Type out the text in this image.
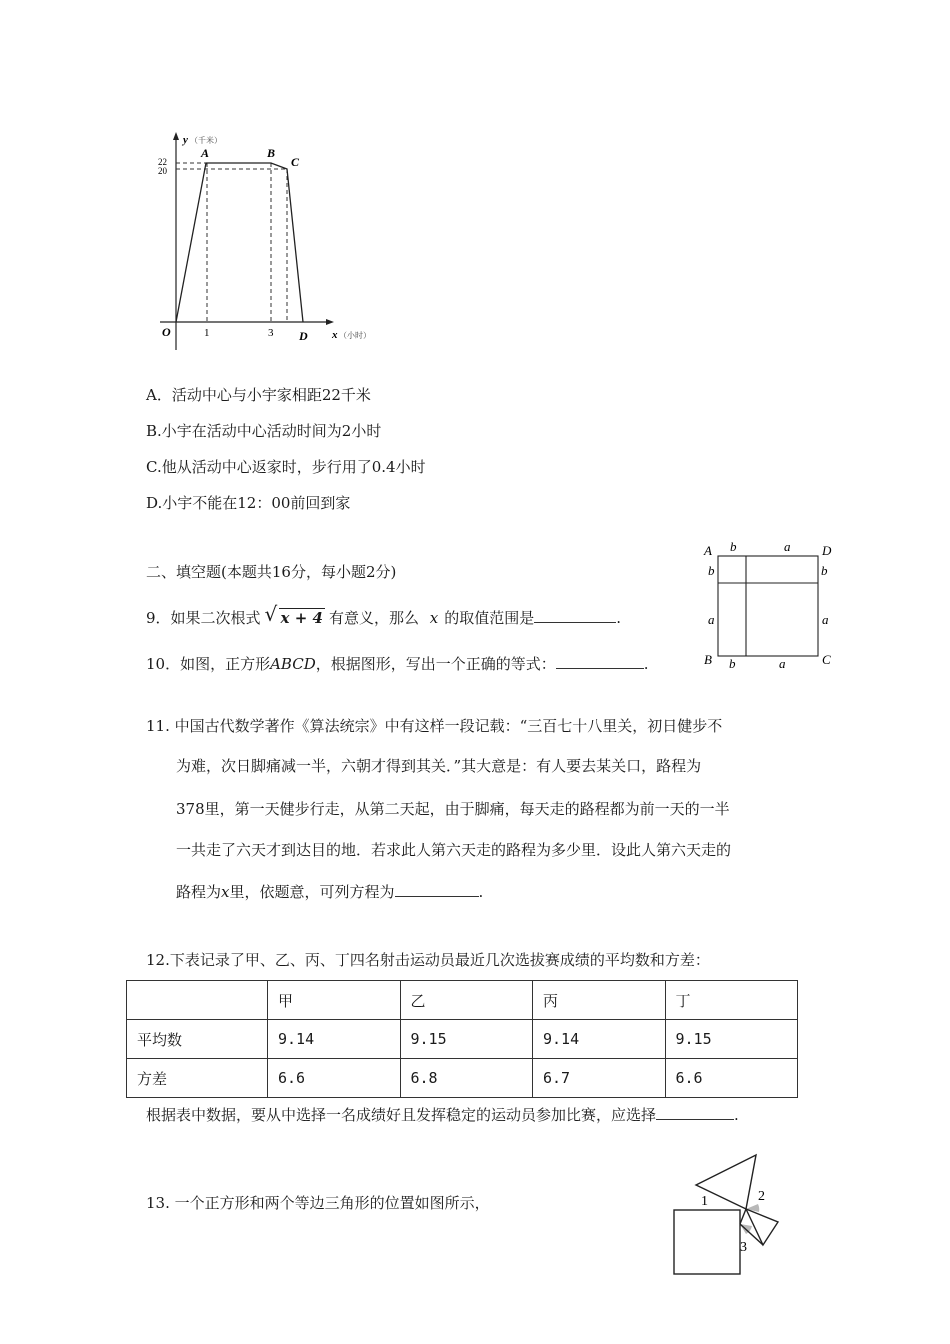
y （千米）
22
20
A	B
C
O	1	3 D x （小时）
A．活动中心与小宇家相距22千米
B.小宇在活动中心活动时间为2小时
C.他从活动中心返家时，步行用了0.4小时
D.小宇不能在12：00前回到家
二、填空题(本题共16分，每小题2分)
9．如果二次根式 √ x + 4 有意义，那么 x 的取值范围是	.
10．如图，正方形ABCD，根据图形，写出一个正确的等式：	.
A	D
B	C
b	a
b	a
b
a
b
a
11. 中国古代数学著作《算法统宗》中有这样一段记载：“三百七十八里关，初日健步不
为难，次日脚痛减一半，六朝才得到其关．”其大意是：有人要去某关口，路程为
378里，第一天健步行走，从第二天起，由于脚痛，每天走的路程都为前一天的一半
一共走了六天才到达目的地．若求此人第六天走的路程为多少里．设此人第六天走的
路程为x里，依题意，可列方程为	.
12.下表记录了甲、乙、丙、丁四名射击运动员最近几次选拔赛成绩的平均数和方差：
	甲	乙	丙	丁
平均数	9.14	9.15	9.14	9.15
方差	6.6	6.8	6.7	6.6
根据表中数据，要从中选择一名成绩好且发挥稳定的运动员参加比赛，应选择	.
13. 一个正方形和两个等边三角形的位置如图所示，	1	2
3
